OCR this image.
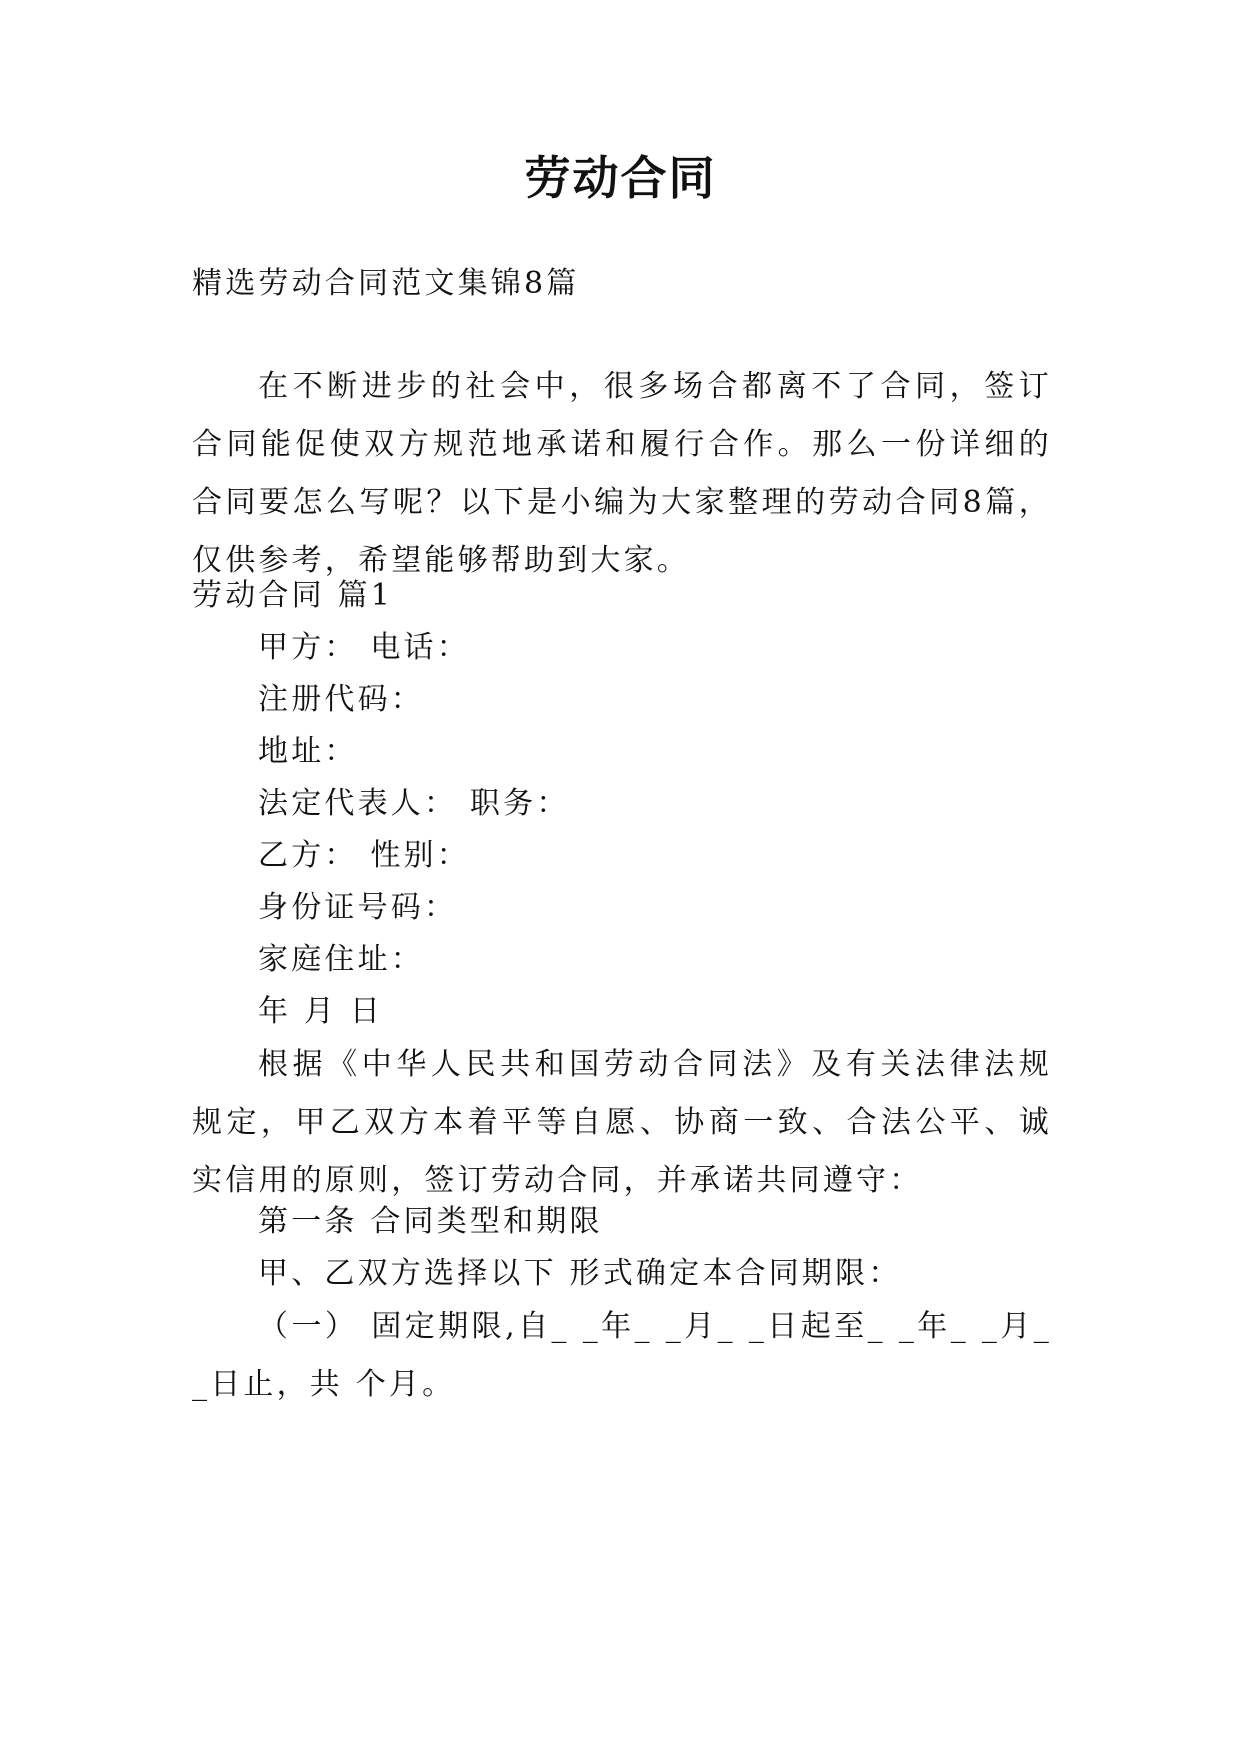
劳动合同
精选劳动合同范文集锦8篇
在不断进步的社会中，很多场合都离不了合同，签订合同能促使双方规范地承诺和履行合作。那么一份详细的合同要怎么写呢？以下是小编为大家整理的劳动合同8篇，仅供参考，希望能够帮助到大家。
劳动合同 篇1
甲方： 电话：
注册代码：
地址：
法定代表人： 职务：
乙方： 性别：
身份证号码：
家庭住址：
年 月 日
根据《中华人民共和国劳动合同法》及有关法律法规规定，甲乙双方本着平等自愿、协商一致、合法公平、诚实信用的原则，签订劳动合同，并承诺共同遵守：
第一条 合同类型和期限
甲、乙双方选择以下 形式确定本合同期限：
（一） 固定期限,自_ _年_ _月_ _日起至_ _年_ _月_ _日止，共 个月。
